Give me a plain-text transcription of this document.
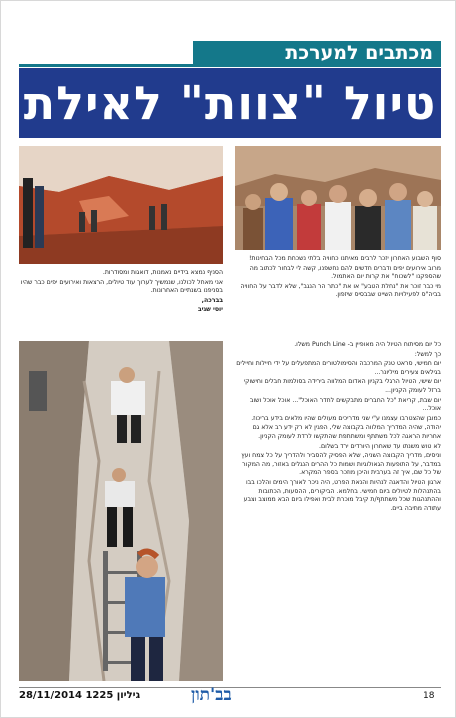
מכתבים למערכת
טיול "צוות" לאילת

הסניף נמצא בידיים נאמנות, דואגות ומסודרות.

אני מאחל לכולנו, שנמשיך לערוך עוד טיולים, הרצאות ואירועים יפים כבר שהיו בסניפנו בשנתיים האחרונות.

בברכה,

יוסי שגיב

סוף השבוע האחרון יזכר לרבים מאיתנו כחוויה בלתי נשכחת מכל הבחינות!

מרוב אירועים יפים ודברים חדשים להם נחשפנו, קשה לי לבחור לכתוב מה שהספקנו "לשכוח" את קרות יום האתמול.

מי כבר זוכר את "נחלת הטבע" או את "כתר הר הנגב", שלא לדבר על החוויה בביה"ס לפעילויות השייט שבבסיס שיזפון.

כל יום מסיתוח הטיול היה מאופיין ב- Punch Line משלו.

כך למשל:

יום חמישי, סראט טנק המרכבה והסימולטורים המתפעלים על ידי חיילות וחיילים בגילאים צעירים מיליונר...

יום שישי, הטיול הרגלי בקניון האדום המלווה בירידה בסולמות חבלים וחישוקי ברזל לעומק הקניון...

יום שבת, קריאת "כל החברים מתבקשים לחדר האוכל"... אוכל אוכל ושוב אוכל...

כמובן שהצטרבו עצמנו ע"י שני מדריכים מעולים שהיו מלאים בידע בריכוז.

יהודה, שהיה המדריך המלווה בקבוצה שלי, הפגין לא רק ידע רב אלא גם אחריות הראגה לכל משתתף ומשתתפת שהתקשו לרדת לעומק הקניון.

לא טוש משנתו עד שאחרון היורדים ירד בשלום.

וניסים, מדריך הקבוצה השניה, שלא הפסיק להסביר ולהדריך על כל צמח ועץ במדבר, על התופעות הגאולוגיות ושמות כל ההרים הנגלים באזור, מה המקור של כל שם, איך זה בערבית והיכן מוזכר בספר המקרא.

ארגון הטיול והדאגה לנהיות והנאת הפרט, היה ניכר לאורך הימים והלכו בבו בהתנהלות לטיולים ביום חמישי. בחלמא. הביקורים, ההסעות, הכתובות וההתנהגות שכל משתתף/ת קיבל מוכרת לבית ואפילו ביום הבא ממוצב וצבע עתודה מתיבה ביים.

גיליון 1225 28/11/2014	בב'תון	18
